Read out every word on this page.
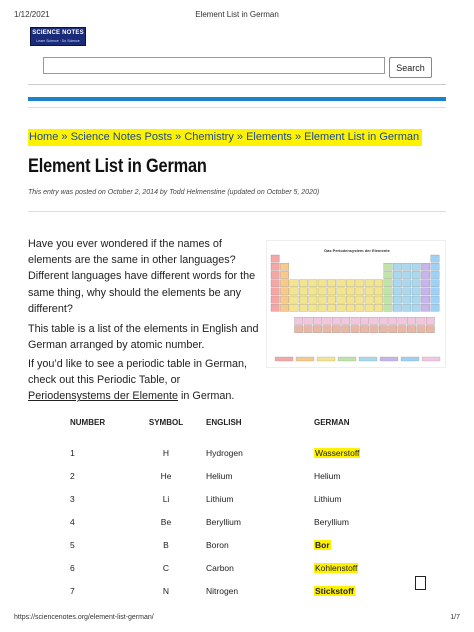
1/12/2021	Element List in German
SCIENCE NOTES
Learn Science · Do Science
Search
Home » Science Notes Posts » Chemistry » Elements » Element List in German
Element List in German
This entry was posted on October 2, 2014 by Todd Helmenstine (updated on October 5, 2020)

Have you ever wondered if the names of elements are the same in other languages? Different languages have different words for the same thing, why should the elements be any different?

This table is a list of the elements in English and German arranged by atomic number.

If you’d like to see a periodic table in German, check out this Periodic Table, or Periodensystems der Elemente in German.

Das Periodensystem der Elemente
NUMBER	SYMBOL	ENGLISH	GERMAN
1	H	Hydrogen	Wasserstoff
2	He	Helium	Helium
3	Li	Lithium	Lithium
4	Be	Beryllium	Beryllium
5	B	Boron	Bor
6	C	Carbon	Kohlenstoff
7	N	Nitrogen	Stickstoff
https://sciencenotes.org/element-list-german/	1/7
